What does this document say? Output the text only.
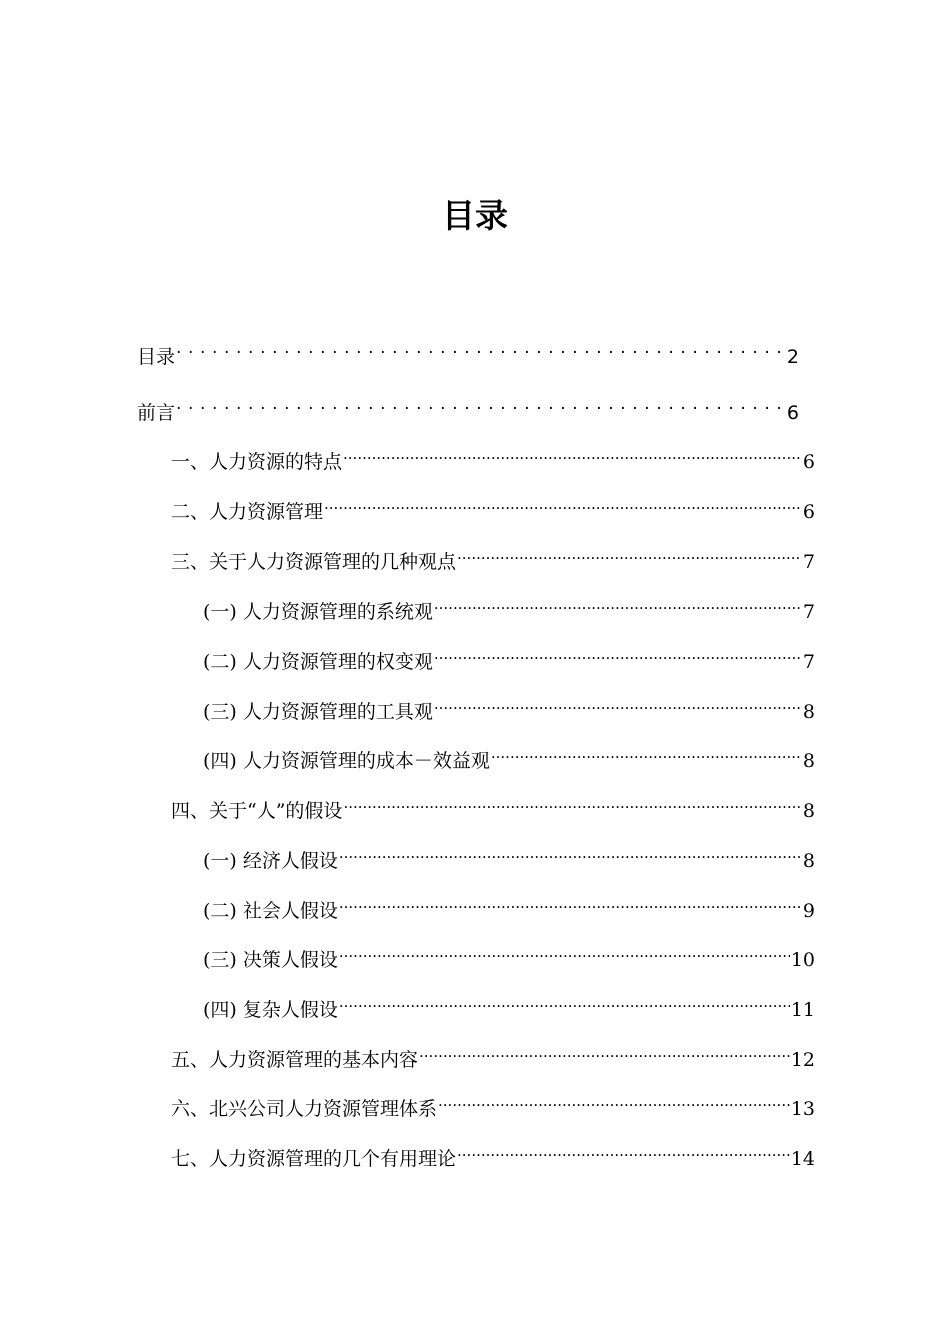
目录
目录 . . .	2
前言 . . .	6
一、人力资源的特点 .....	6
二、人力资源管理 .....	6
三、关于人力资源管理的几种观点 .....	7
(一) 人力资源管理的系统观 .....	7
(二) 人力资源管理的权变观 .....	7
(三) 人力资源管理的工具观 .....	8
(四) 人力资源管理的成本－效益观 .....	8
四、关于“人”的假设 .....	8
(一) 经济人假设 .....	8
(二) 社会人假设 .....	9
(三) 决策人假设 .....	10
(四) 复杂人假设 .....	11
五、人力资源管理的基本内容 .....	12
六、北兴公司人力资源管理体系 .....	13
七、人力资源管理的几个有用理论 .....	14
